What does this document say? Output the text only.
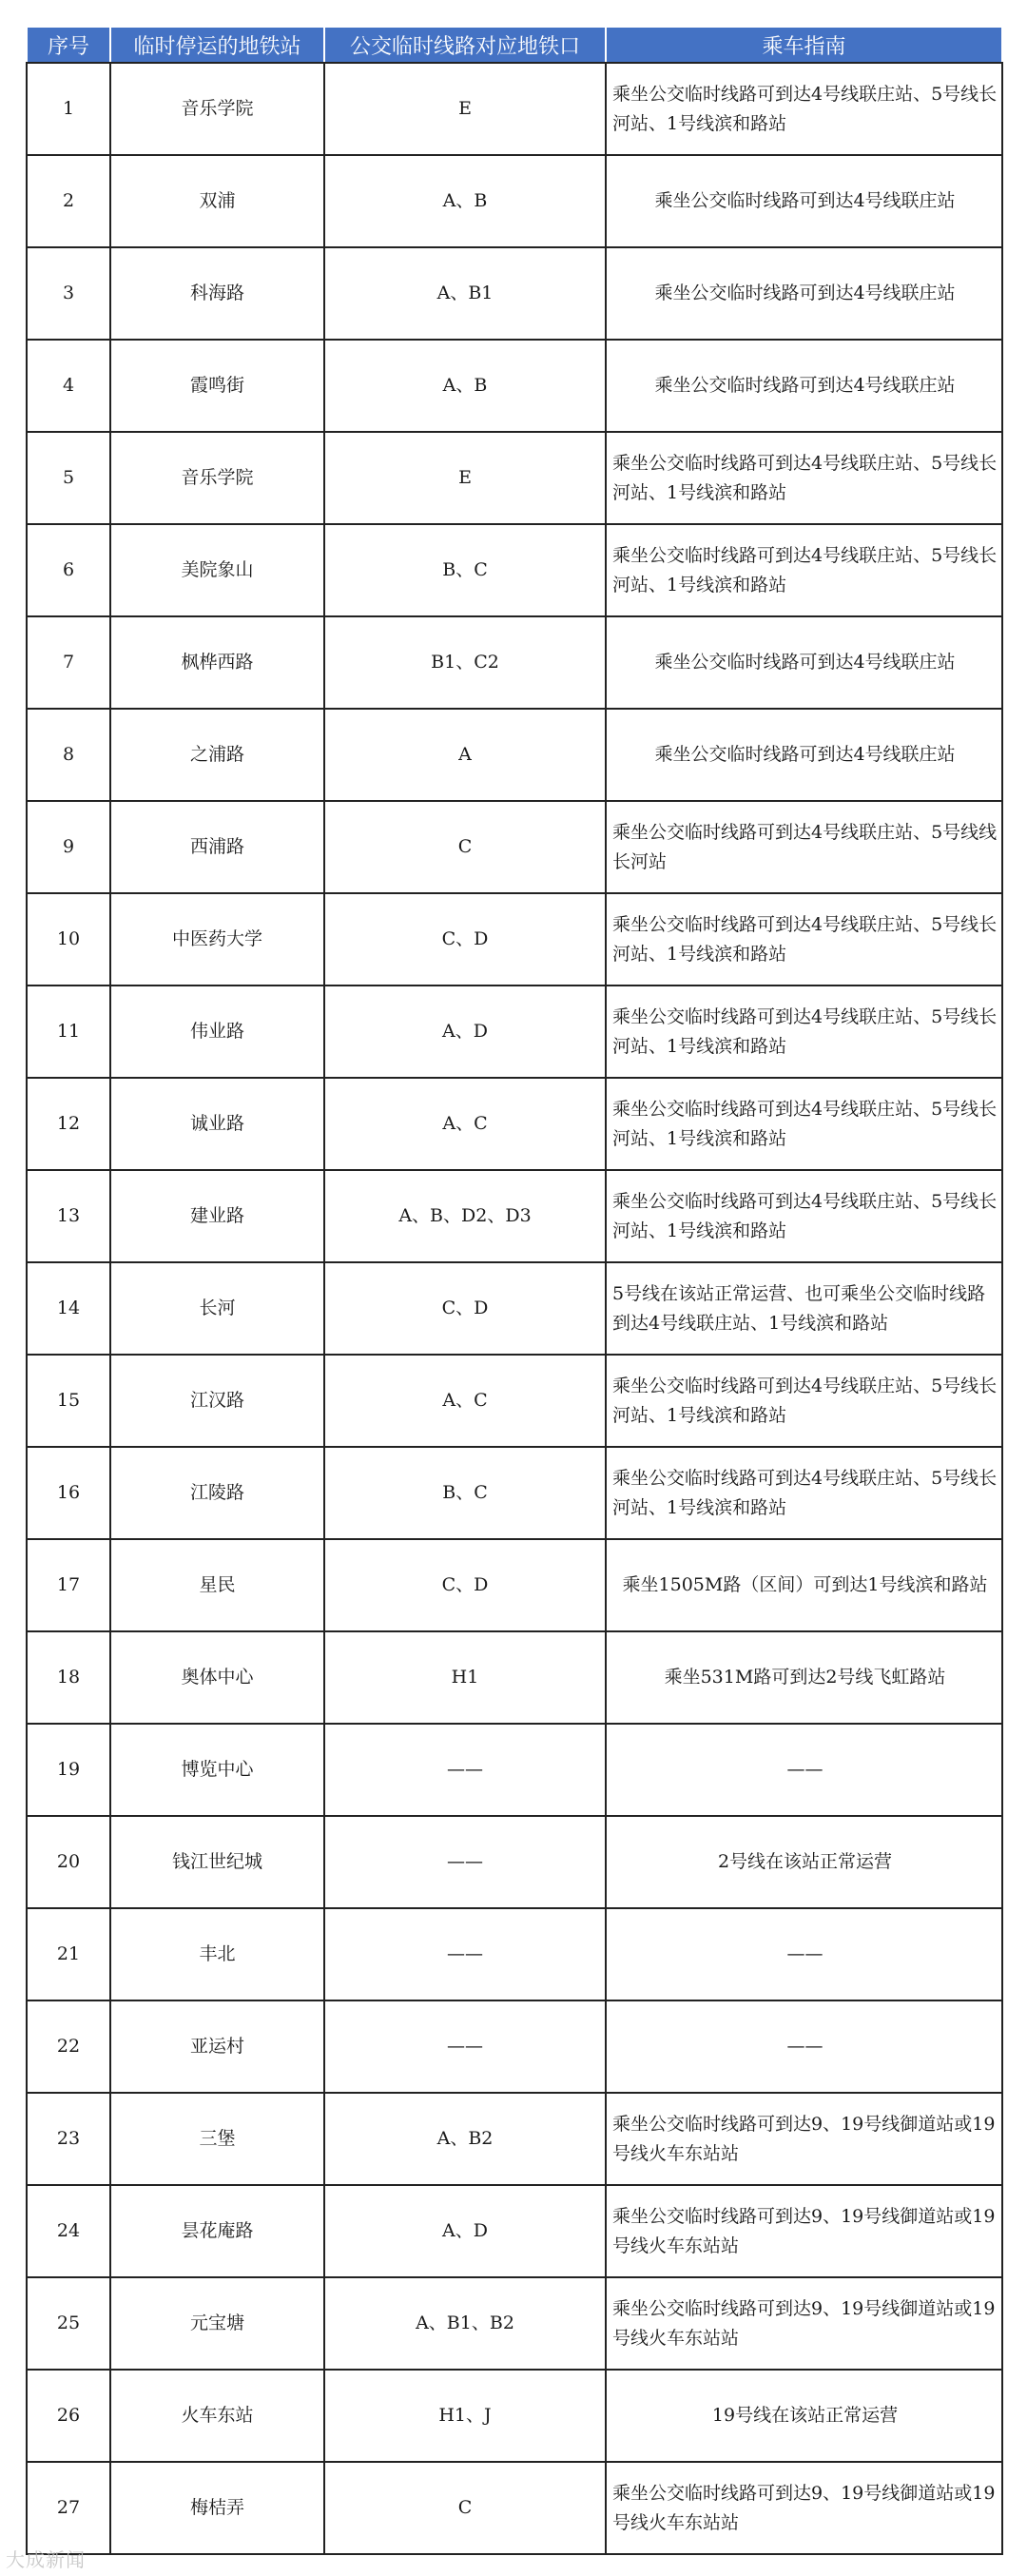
序号	临时停运的地铁站	公交临时线路对应地铁口	乘车指南
1	音乐学院	E	乘坐公交临时线路可到达4号线联庄站、5号线长河站、1号线滨和路站
2	双浦	A、B	乘坐公交临时线路可到达4号线联庄站
3	科海路	A、B1	乘坐公交临时线路可到达4号线联庄站
4	霞鸣街	A、B	乘坐公交临时线路可到达4号线联庄站
5	音乐学院	E	乘坐公交临时线路可到达4号线联庄站、5号线长河站、1号线滨和路站
6	美院象山	B、C	乘坐公交临时线路可到达4号线联庄站、5号线长河站、1号线滨和路站
7	枫桦西路	B1、C2	乘坐公交临时线路可到达4号线联庄站
8	之浦路	A	乘坐公交临时线路可到达4号线联庄站
9	西浦路	C	乘坐公交临时线路可到达4号线联庄站、5号线线长河站
10	中医药大学	C、D	乘坐公交临时线路可到达4号线联庄站、5号线长河站、1号线滨和路站
11	伟业路	A、D	乘坐公交临时线路可到达4号线联庄站、5号线长河站、1号线滨和路站
12	诚业路	A、C	乘坐公交临时线路可到达4号线联庄站、5号线长河站、1号线滨和路站
13	建业路	A、B、D2、D3	乘坐公交临时线路可到达4号线联庄站、5号线长河站、1号线滨和路站
14	长河	C、D	5号线在该站正常运营、也可乘坐公交临时线路到达4号线联庄站、1号线滨和路站
15	江汉路	A、C	乘坐公交临时线路可到达4号线联庄站、5号线长河站、1号线滨和路站
16	江陵路	B、C	乘坐公交临时线路可到达4号线联庄站、5号线长河站、1号线滨和路站
17	星民	C、D	乘坐1505M路（区间）可到达1号线滨和路站
18	奥体中心	H1	乘坐531M路可到达2号线飞虹路站
19	博览中心	——	——
20	钱江世纪城	——	2号线在该站正常运营
21	丰北	——	——
22	亚运村	——	——
23	三堡	A、B2	乘坐公交临时线路可到达9、19号线御道站或19号线火车东站站
24	昙花庵路	A、D	乘坐公交临时线路可到达9、19号线御道站或19号线火车东站站
25	元宝塘	A、B1、B2	乘坐公交临时线路可到达9、19号线御道站或19号线火车东站站
26	火车东站	H1、J	19号线在该站正常运营
27	梅桔弄	C	乘坐公交临时线路可到达9、19号线御道站或19号线火车东站站
大成新闻
